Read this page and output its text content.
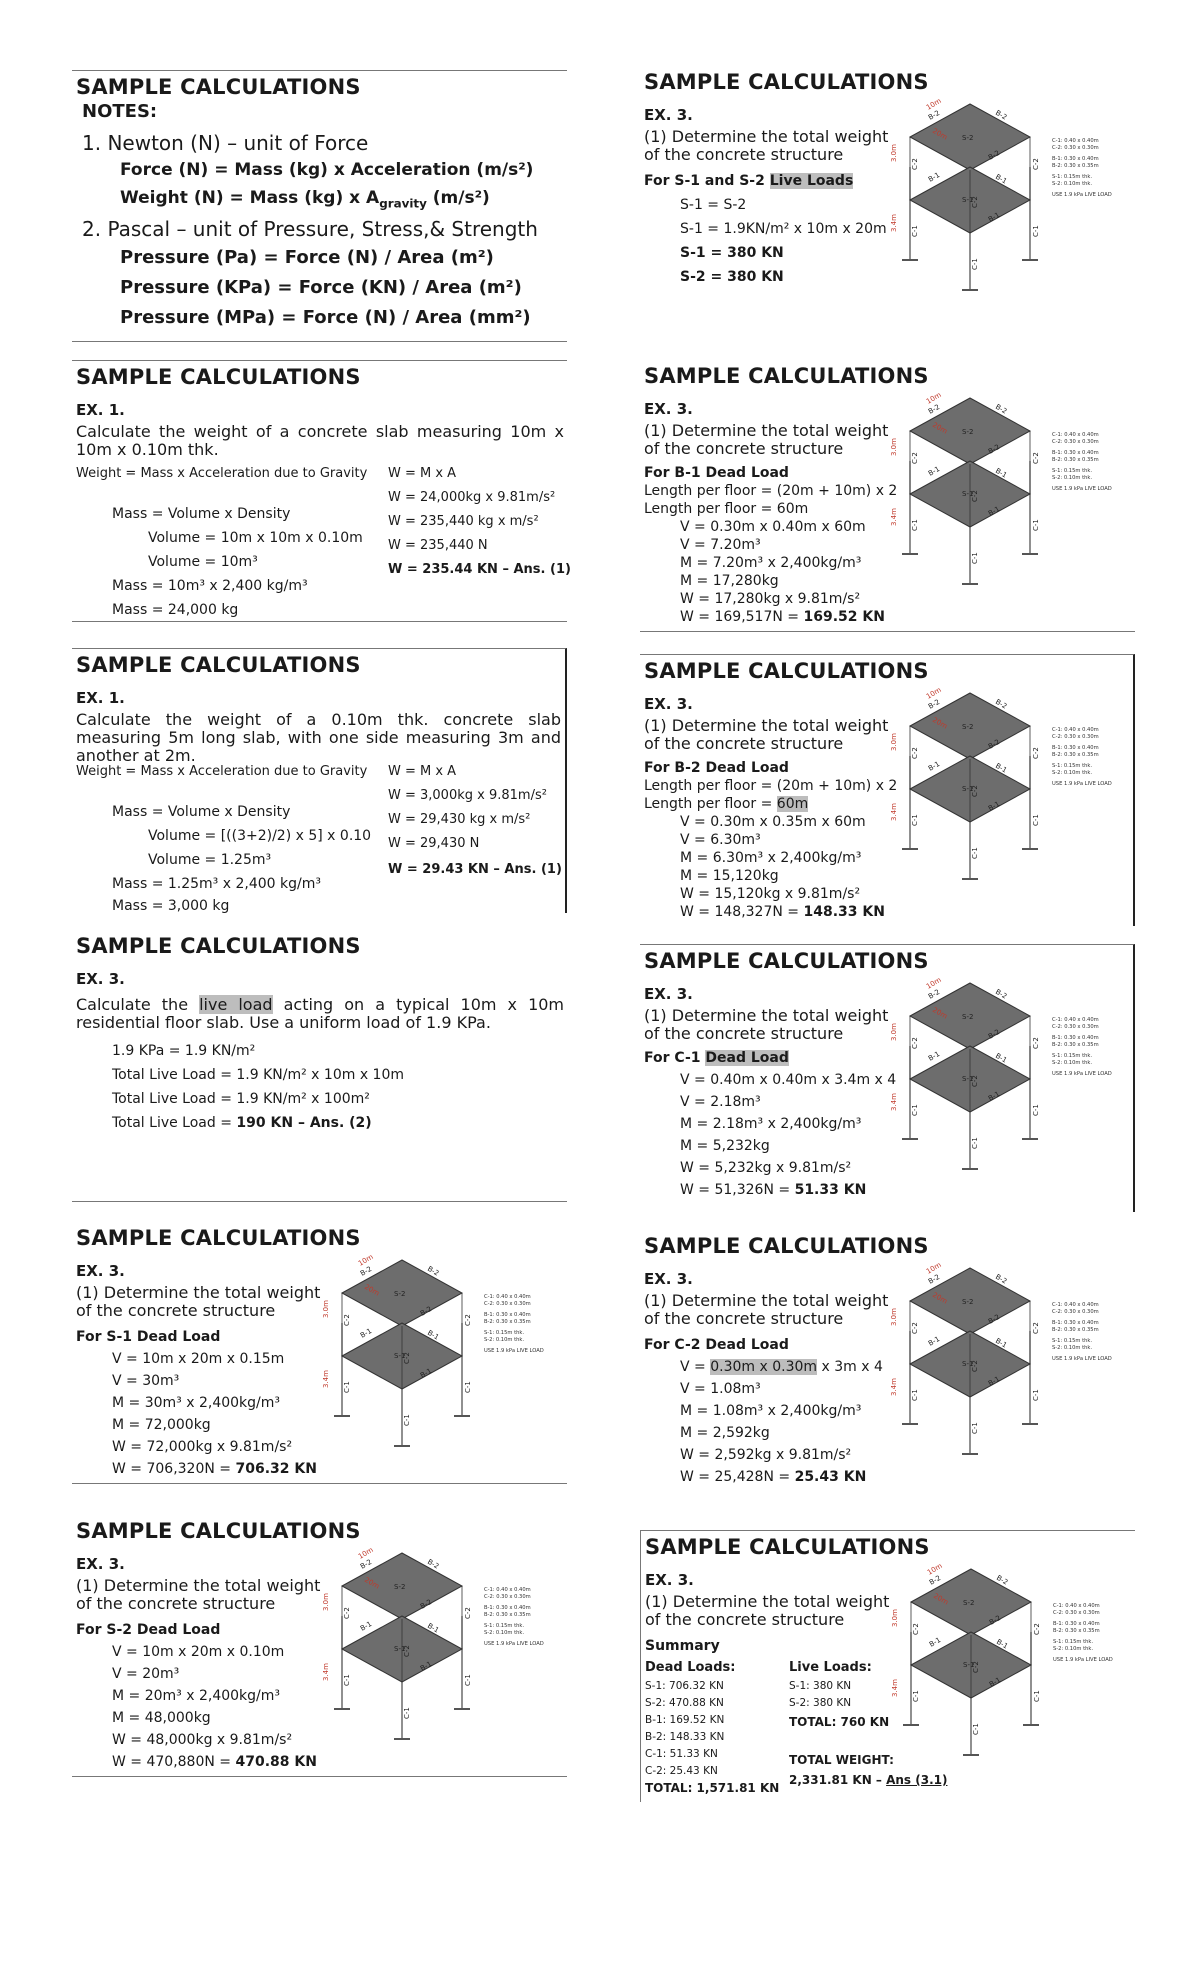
SAMPLE CALCULATIONS
NOTES:
1. Newton (N) – unit of Force
Force (N) = Mass (kg) x Acceleration (m/s²)
Weight (N) = Mass (kg) x $A_{gravity}$ (m/s²)
2. Pascal – unit of Pressure, Stress,& Strength
Pressure (Pa) = Force (N) / Area (m²)
Pressure (KPa) = Force (KN) / Area (m²)
Pressure (MPa) = Force (N) / Area (mm²)
SAMPLE CALCULATIONS
EX. 1.
Calculate the weight of a concrete slab measuring 10m x 10m x 0.10m thk.
Weight = Mass x Acceleration due to Gravity
Mass = Volume x Density
Volume = 10m x 10m x 0.10m
Volume = 10m³
Mass = 10m³ x 2,400 kg/m³
Mass = 24,000 kg
W = M x A
W = 24,000kg x 9.81m/s²
W = 235,440 kg x m/s²
W = 235,440 N
W = 235.44 KN – Ans. (1)
SAMPLE CALCULATIONS
EX. 1.
Calculate the weight of a 0.10m thk. concrete slab measuring 5m long slab, with one side measuring 3m and another at 2m.
Weight = Mass x Acceleration due to Gravity
Mass = Volume x Density
Volume = [((3+2)/2) x 5] x 0.10
Volume = 1.25m³
Mass = 1.25m³ x 2,400 kg/m³
Mass = 3,000 kg
W = M x A
W = 3,000kg x 9.81m/s²
W = 29,430 kg x m/s²
W = 29,430 N
W = 29.43 KN – Ans. (1)
SAMPLE CALCULATIONS
EX. 3.
Calculate the live load acting on a typical 10m x 10m residential floor slab. Use a uniform load of 1.9 KPa.
1.9 KPa = 1.9 KN/m²
Total Live Load = 1.9 KN/m² x 10m x 10m
Total Live Load = 1.9 KN/m² x 100m²
Total Live Load = 190 KN – Ans. (2)
SAMPLE CALCULATIONS
EX. 3.
(1) Determine the total weight
of the concrete structure
For S-1 Dead Load
V = 10m x 20m x 0.15m
V = 30m³
M = 30m³ x 2,400kg/m³
M = 72,000kg
W = 72,000kg x 9.81m/s²
W = 706,320N = 706.32 KN
10m
20m
3.0m
3.4m
B-2	B-2
S-2
B-2
B-1	B-1
S-1
B-1
C-2
C-2
C-2
C-1
C-1
C-1
C-1: 0.40 x 0.40m
C-2: 0.30 x 0.30m
B-1: 0.30 x 0.40m
B-2: 0.30 x 0.35m
S-1: 0.15m thk.
S-2: 0.10m thk.
USE 1.9 kPa LIVE LOAD
SAMPLE CALCULATIONS
EX. 3.
(1) Determine the total weight
of the concrete structure
For S-2 Dead Load
V = 10m x 20m x 0.10m
V = 20m³
M = 20m³ x 2,400kg/m³
M = 48,000kg
W = 48,000kg x 9.81m/s²
W = 470,880N = 470.88 KN
10m
20m
3.0m
3.4m
B-2	B-2
S-2
B-2
B-1	B-1
S-1
B-1
C-2
C-2
C-2
C-1
C-1
C-1
C-1: 0.40 x 0.40m
C-2: 0.30 x 0.30m
B-1: 0.30 x 0.40m
B-2: 0.30 x 0.35m
S-1: 0.15m thk.
S-2: 0.10m thk.
USE 1.9 kPa LIVE LOAD
SAMPLE CALCULATIONS
EX. 3.
(1) Determine the total weight
of the concrete structure
For S-1 and S-2 Live Loads
S-1 = S-2
S-1 = 1.9KN/m² x 10m x 20m
S-1 = 380 KN
S-2 = 380 KN
10m
20m
3.0m
3.4m
B-2	B-2
S-2
B-2
B-1	B-1
S-1
B-1
C-2
C-2
C-2
C-1
C-1
C-1
C-1: 0.40 x 0.40m
C-2: 0.30 x 0.30m
B-1: 0.30 x 0.40m
B-2: 0.30 x 0.35m
S-1: 0.15m thk.
S-2: 0.10m thk.
USE 1.9 kPa LIVE LOAD
SAMPLE CALCULATIONS
EX. 3.
(1) Determine the total weight
of the concrete structure
For B-1 Dead Load
Length per floor = (20m + 10m) x 2
Length per floor = 60m
V = 0.30m x 0.40m x 60m
V = 7.20m³
M = 7.20m³ x 2,400kg/m³
M = 17,280kg
W = 17,280kg x 9.81m/s²
W = 169,517N = 169.52 KN
10m
20m
3.0m
3.4m
B-2	B-2
S-2
B-2
B-1	B-1
S-1
B-1
C-2
C-2
C-2
C-1
C-1
C-1
C-1: 0.40 x 0.40m
C-2: 0.30 x 0.30m
B-1: 0.30 x 0.40m
B-2: 0.30 x 0.35m
S-1: 0.15m thk.
S-2: 0.10m thk.
USE 1.9 kPa LIVE LOAD
SAMPLE CALCULATIONS
EX. 3.
(1) Determine the total weight
of the concrete structure
For B-2 Dead Load
Length per floor = (20m + 10m) x 2
Length per floor = 60m
V = 0.30m x 0.35m x 60m
V = 6.30m³
M = 6.30m³ x 2,400kg/m³
M = 15,120kg
W = 15,120kg x 9.81m/s²
W = 148,327N = 148.33 KN
10m
20m
3.0m
3.4m
B-2	B-2
S-2
B-2
B-1	B-1
S-1
B-1
C-2
C-2
C-2
C-1
C-1
C-1
C-1: 0.40 x 0.40m
C-2: 0.30 x 0.30m
B-1: 0.30 x 0.40m
B-2: 0.30 x 0.35m
S-1: 0.15m thk.
S-2: 0.10m thk.
USE 1.9 kPa LIVE LOAD
SAMPLE CALCULATIONS
EX. 3.
(1) Determine the total weight
of the concrete structure
For C-1 Dead Load
V = 0.40m x 0.40m x 3.4m x 4
V = 2.18m³
M = 2.18m³ x 2,400kg/m³
M = 5,232kg
W = 5,232kg x 9.81m/s²
W = 51,326N = 51.33 KN
10m
20m
3.0m
3.4m
B-2	B-2
S-2
B-2
B-1	B-1
S-1
B-1
C-2
C-2
C-2
C-1
C-1
C-1
C-1: 0.40 x 0.40m
C-2: 0.30 x 0.30m
B-1: 0.30 x 0.40m
B-2: 0.30 x 0.35m
S-1: 0.15m thk.
S-2: 0.10m thk.
USE 1.9 kPa LIVE LOAD
SAMPLE CALCULATIONS
EX. 3.
(1) Determine the total weight
of the concrete structure
For C-2 Dead Load
V = 0.30m x 0.30m x 3m x 4
V = 1.08m³
M = 1.08m³ x 2,400kg/m³
M = 2,592kg
W = 2,592kg x 9.81m/s²
W = 25,428N = 25.43 KN
10m
20m
3.0m
3.4m
B-2	B-2
S-2
B-2
B-1	B-1
S-1
B-1
C-2
C-2
C-2
C-1
C-1
C-1
C-1: 0.40 x 0.40m
C-2: 0.30 x 0.30m
B-1: 0.30 x 0.40m
B-2: 0.30 x 0.35m
S-1: 0.15m thk.
S-2: 0.10m thk.
USE 1.9 kPa LIVE LOAD
SAMPLE CALCULATIONS
EX. 3.
(1) Determine the total weight
of the concrete structure
Summary
Dead Loads:
S-1: 706.32 KN
S-2: 470.88 KN
B-1: 169.52 KN
B-2: 148.33 KN
C-1: 51.33 KN
C-2: 25.43 KN
TOTAL: 1,571.81 KN
Live Loads:
S-1: 380 KN
S-2: 380 KN
TOTAL: 760 KN
TOTAL WEIGHT:
2,331.81 KN – Ans (3.1)
10m
20m
3.0m
3.4m
B-2	B-2
S-2
B-2
B-1	B-1
S-1
B-1
C-2
C-2
C-2
C-1
C-1
C-1
C-1: 0.40 x 0.40m
C-2: 0.30 x 0.30m
B-1: 0.30 x 0.40m
B-2: 0.30 x 0.35m
S-1: 0.15m thk.
S-2: 0.10m thk.
USE 1.9 kPa LIVE LOAD
